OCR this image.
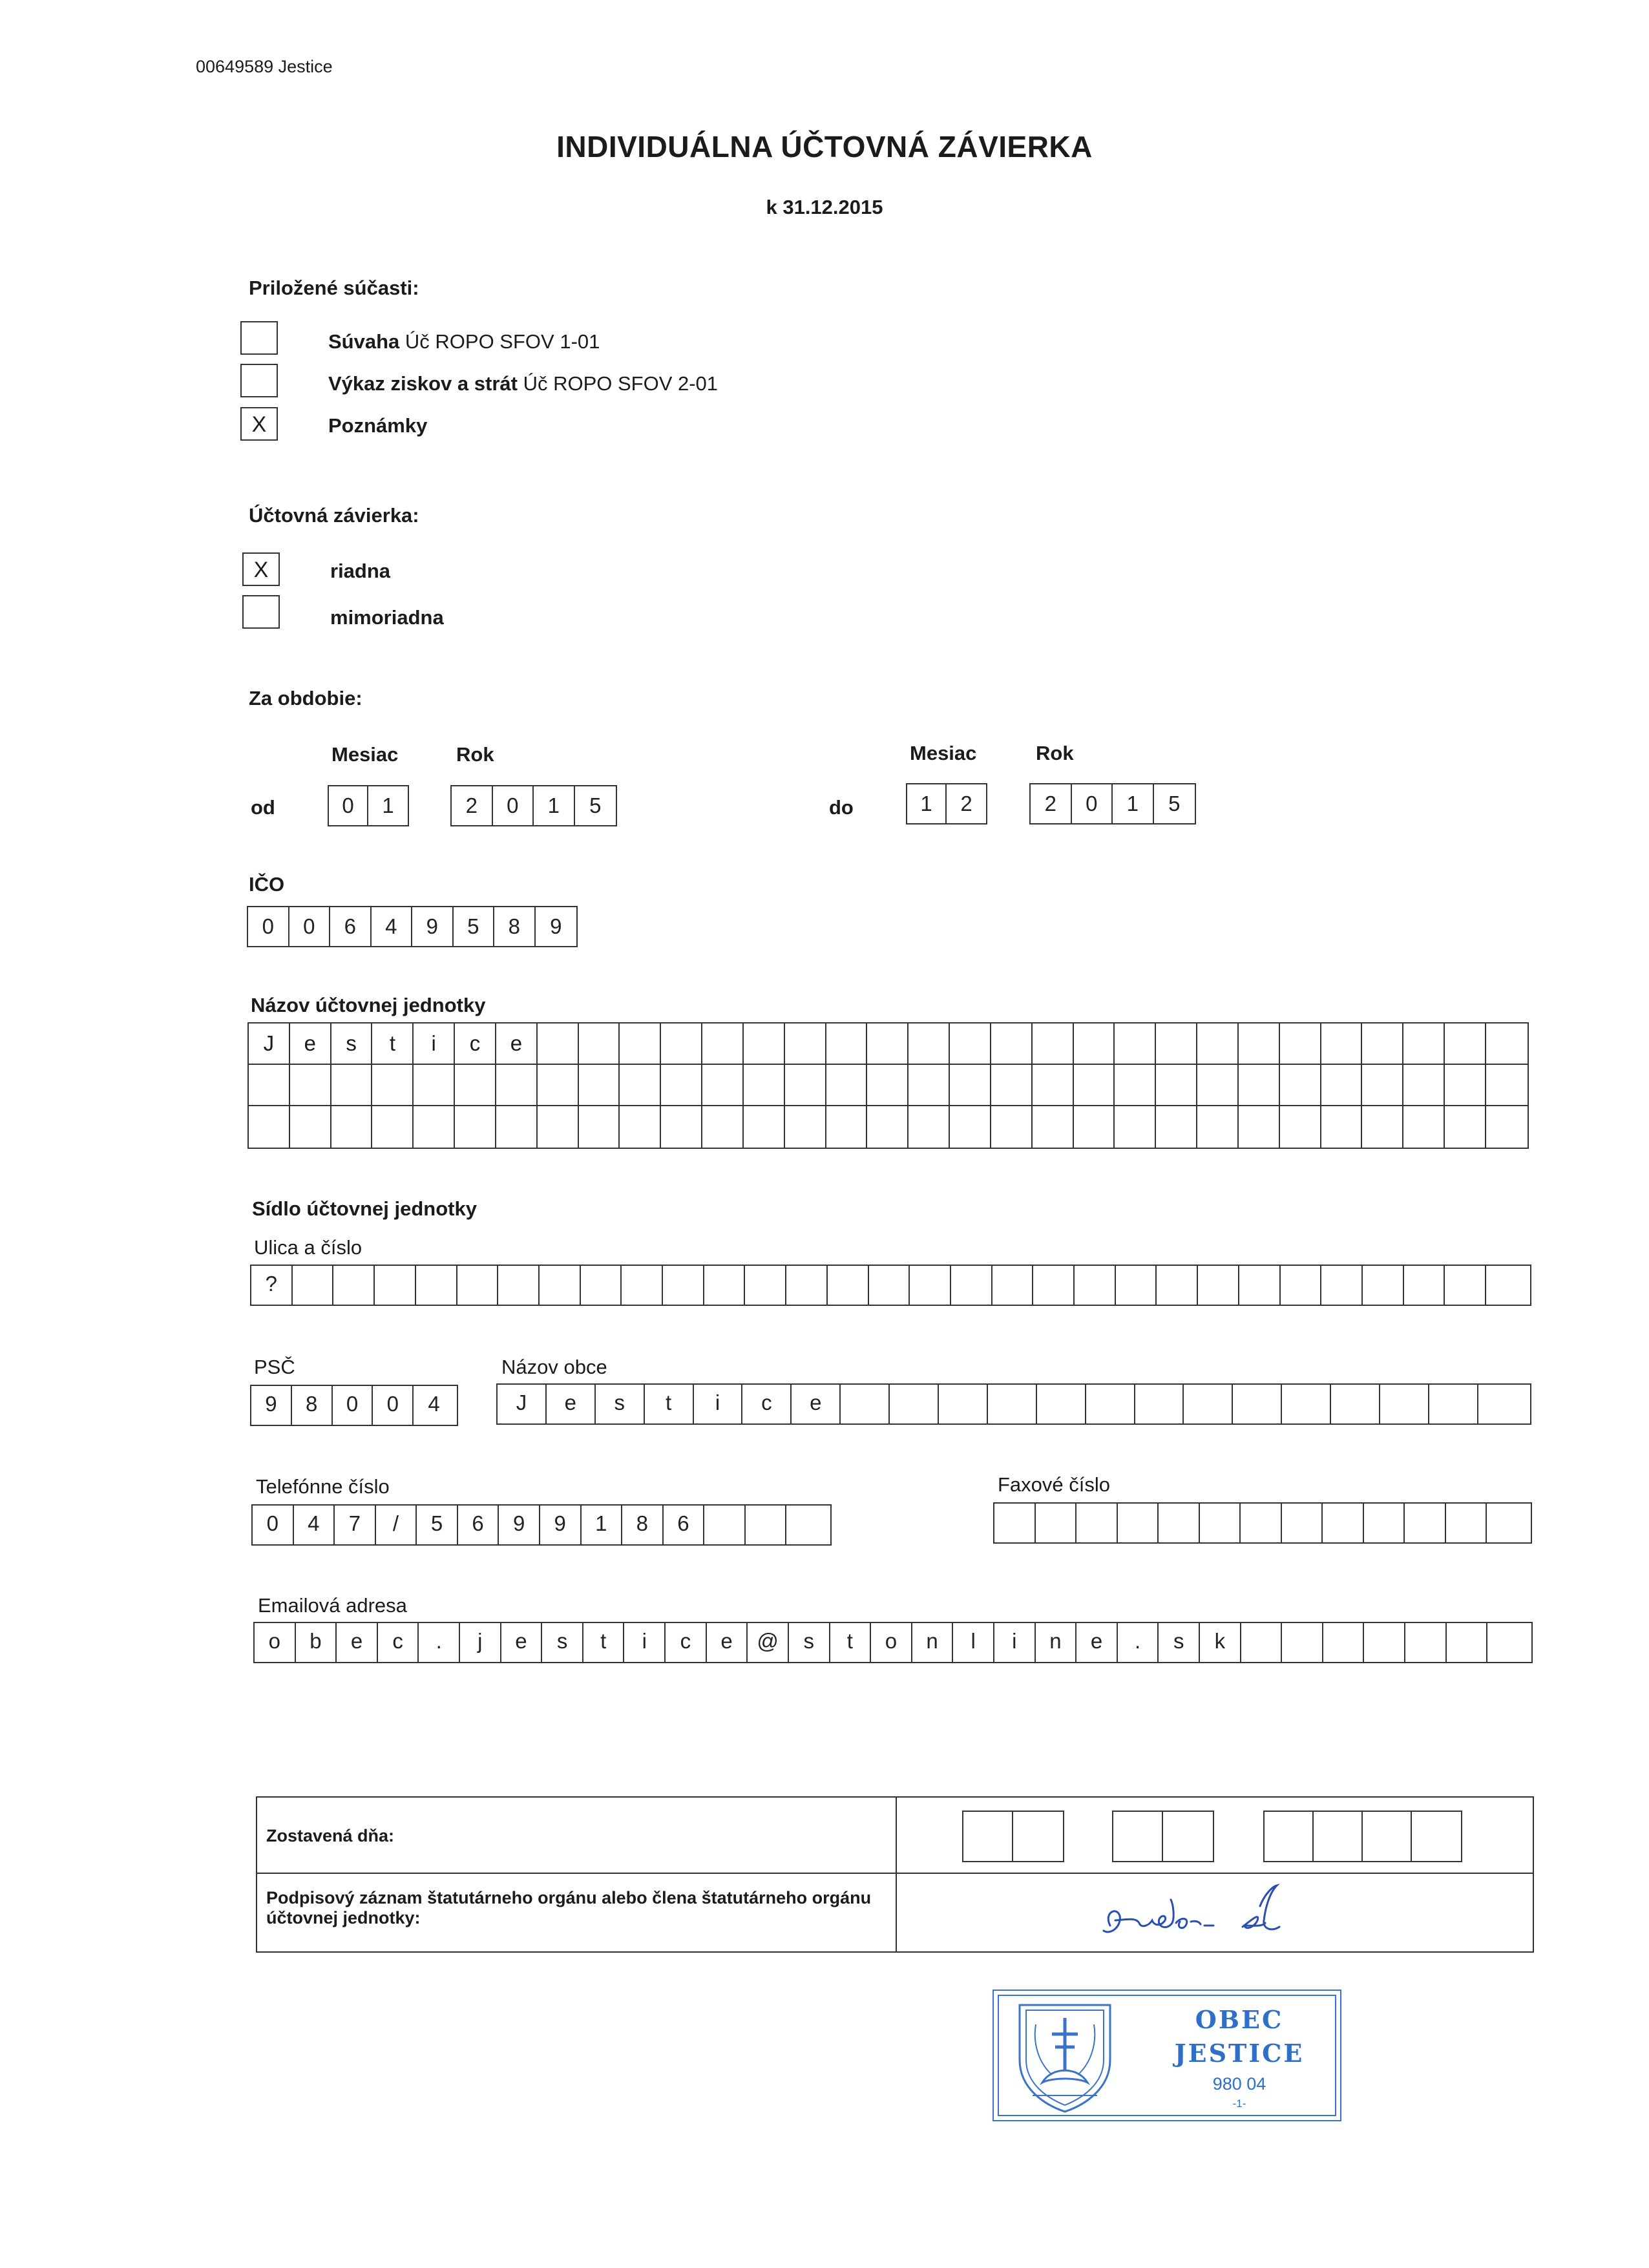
00649589 Jestice
INDIVIDUÁLNA ÚČTOVNÁ ZÁVIERKA
k 31.12.2015
Priložené súčasti:
Súvaha Úč ROPO SFOV 1-01
Výkaz ziskov a strát Úč ROPO SFOV 2-01
X	Poznámky
Účtovná závierka:
X	riadna
mimoriadna
Za obdobie:
Mesiac	Rok	Mesiac	Rok
od	0	1	2	0	1	5	do	1	2	2	0	1	5
IČO
0	0	6	4	9	5	8	9
Názov účtovnej jednotky
J	e	s	t	i	c	e
Sídlo účtovnej jednotky
Ulica a číslo
?
PSČ
9	8	0	0	4
Názov obce
J	e	s	t	i	c	e
Telefónne číslo
0	4	7	/	5	6	9	9	1	8	6
Faxové číslo
Emailová adresa
o	b	e	c	.	j	e	s	t	i	c	e	@	s	t	o	n	l	i	n	e	.	s	k
Zostavená dňa:
Podpisový záznam štatutárneho orgánu alebo člena štatutárneho orgánu účtovnej jednotky:
OBEC
JESTICE
980 04
-1-
